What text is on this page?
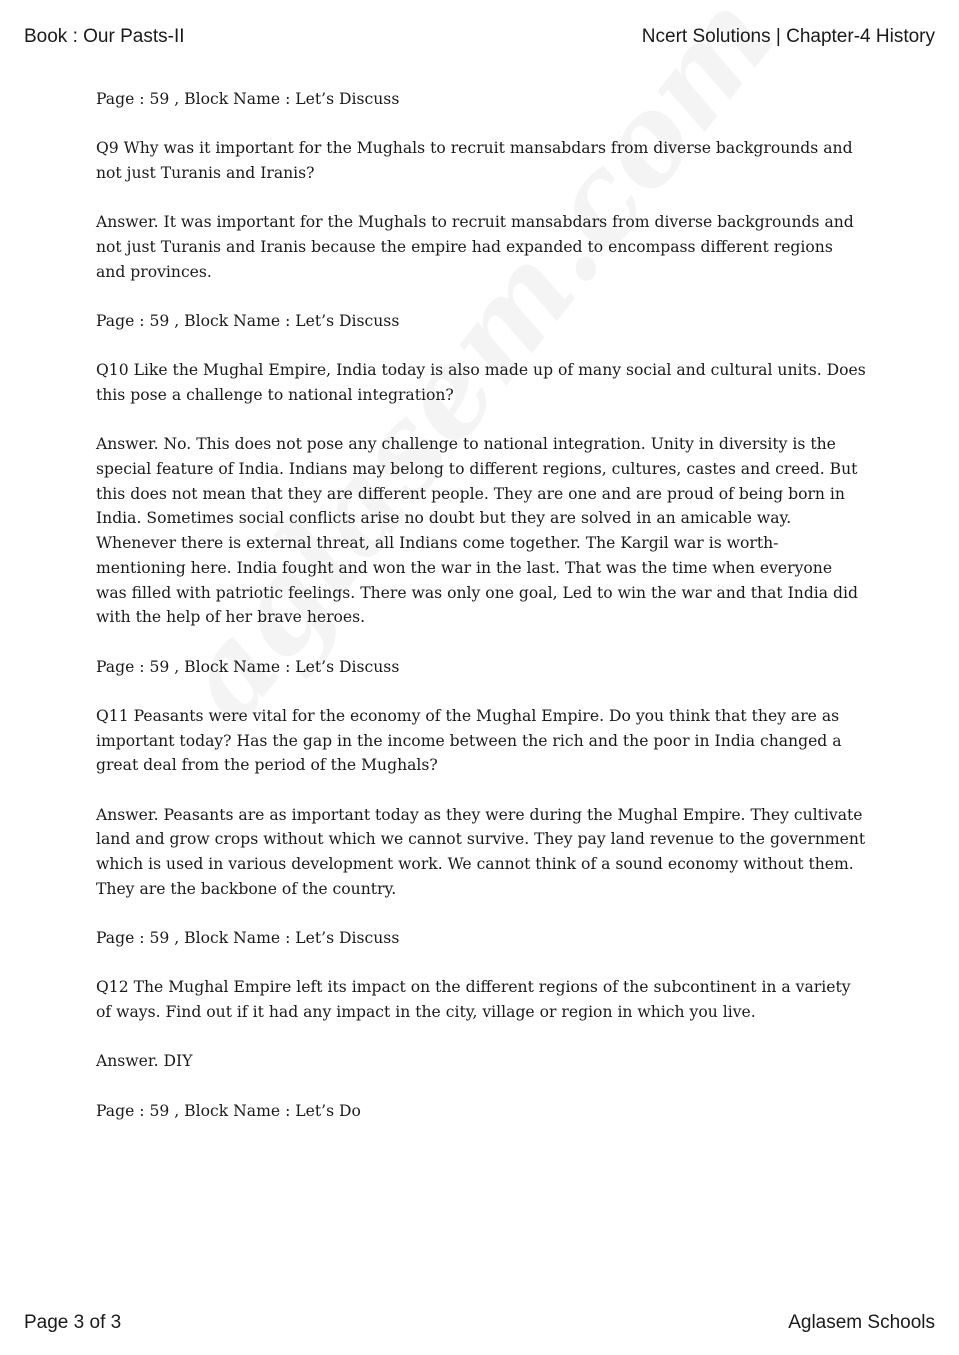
Book : Our Pasts-II	Ncert Solutions | Chapter-4 History

Page : 59 , Block Name : Let’s Discuss

Q9 Why was it important for the Mughals to recruit mansabdars from diverse backgrounds and not just Turanis and Iranis?

Answer. It was important for the Mughals to recruit mansabdars from diverse backgrounds and not just Turanis and Iranis because the empire had expanded to encompass different regions and provinces.

Page : 59 , Block Name : Let’s Discuss

Q10 Like the Mughal Empire, India today is also made up of many social and cultural units. Does this pose a challenge to national integration?

Answer. No. This does not pose any challenge to national integration. Unity in diversity is the special feature of India. Indians may belong to different regions, cultures, castes and creed. But this does not mean that they are different people. They are one and are proud of being born in India. Sometimes social conflicts arise no doubt but they are solved in an amicable way. Whenever there is external threat, all Indians come together. The Kargil war is worth-mentioning here. India fought and won the war in the last. That was the time when everyone was filled with patriotic feelings. There was only one goal, Led to win the war and that India did with the help of her brave heroes.

Page : 59 , Block Name : Let’s Discuss

Q11 Peasants were vital for the economy of the Mughal Empire. Do you think that they are as important today? Has the gap in the income between the rich and the poor in India changed a great deal from the period of the Mughals?

Answer. Peasants are as important today as they were during the Mughal Empire. They cultivate land and grow crops without which we cannot survive. They pay land revenue to the government which is used in various development work. We cannot think of a sound economy without them. They are the backbone of the country.

Page : 59 , Block Name : Let’s Discuss

Q12 The Mughal Empire left its impact on the different regions of the subcontinent in a variety of ways. Find out if it had any impact in the city, village or region in which you live.

Answer. DIY

Page : 59 , Block Name : Let’s Do

Page 3 of 3	Aglasem Schools
